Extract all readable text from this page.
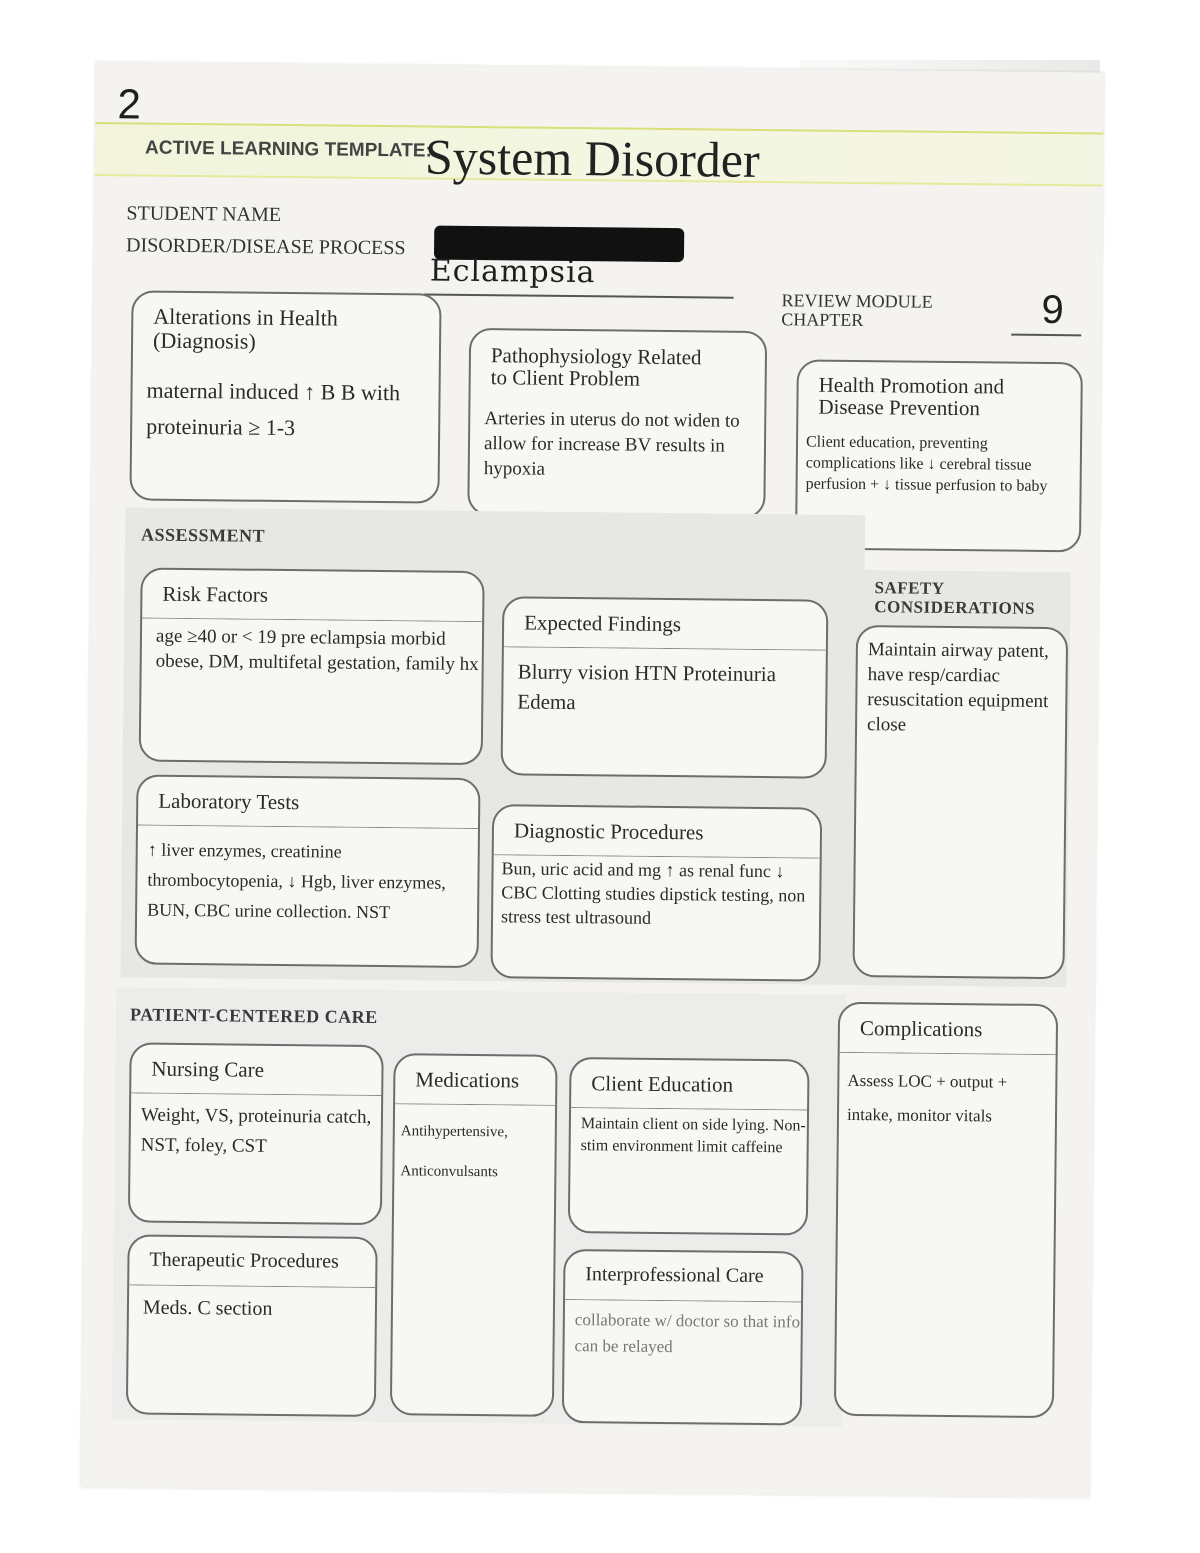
2
ACTIVE LEARNING TEMPLATE:
System Disorder
STUDENT NAME
DISORDER/DISEASE PROCESS
Eclampsia
REVIEW MODULE
CHAPTER	9
Alterations in Health
(Diagnosis)
maternal induced ↑ B B with proteinuria ≥ 1-3
Pathophysiology Related
to Client Problem
Arteries in uterus do not widen to allow for increase BV results in hypoxia
Health Promotion and
Disease Prevention
Client education, preventing complications like ↓ cerebral tissue perfusion + ↓ tissue perfusion to baby
ASSESSMENT
Risk Factors
age ≥40 or < 19 pre eclampsia morbid obese, DM, multifetal gestation, family hx
Expected Findings
Blurry vision HTN Proteinuria Edema
Laboratory Tests
↑ liver enzymes, creatinine thrombocytopenia, ↓ Hgb, liver enzymes, BUN, CBC urine collection. NST
Diagnostic Procedures
Bun, uric acid and mg ↑ as renal func ↓ CBC Clotting studies dipstick testing, non stress test ultrasound
SAFETY
CONSIDERATIONS
Maintain airway patent, have resp/cardiac resuscitation equipment close
PATIENT-CENTERED CARE
Nursing Care
Weight, VS, proteinuria catch, NST, foley, CST
Therapeutic Procedures
Meds. C section
Medications
Antihypertensive, Anticonvulsants
Client Education
Maintain client on side lying. Non-stim environment limit caffeine
Interprofessional Care
collaborate w/ doctor so that info can be relayed
Complications
Assess LOC + output + intake, monitor vitals
